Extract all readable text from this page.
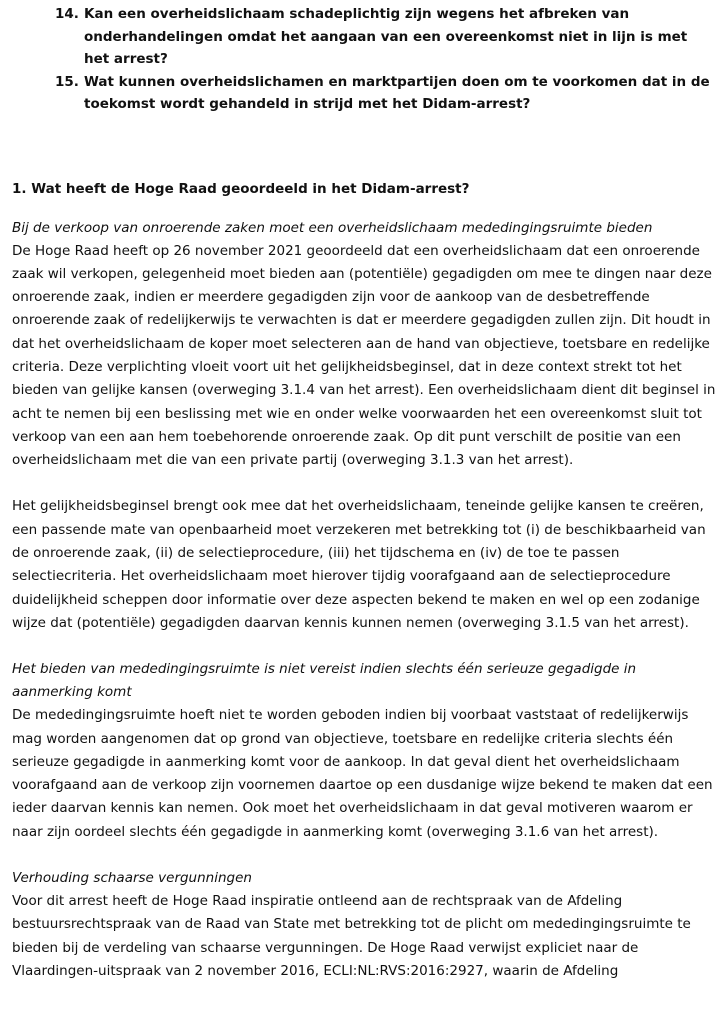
14. Kan een overheidslichaam schadeplichtig zijn wegens het afbreken van onderhandelingen omdat het aangaan van een overeenkomst niet in lijn is met het arrest?
15. Wat kunnen overheidslichamen en marktpartijen doen om te voorkomen dat in de toekomst wordt gehandeld in strijd met het Didam-arrest?
1. Wat heeft de Hoge Raad geoordeeld in het Didam-arrest?
Bij de verkoop van onroerende zaken moet een overheidslichaam mededingingsruimte bieden

De Hoge Raad heeft op 26 november 2021 geoordeeld dat een overheidslichaam dat een onroerende zaak wil verkopen, gelegenheid moet bieden aan (potentiële) gegadigden om mee te dingen naar deze onroerende zaak, indien er meerdere gegadigden zijn voor de aankoop van de desbetreffende onroerende zaak of redelijkerwijs te verwachten is dat er meerdere gegadigden zullen zijn. Dit houdt in dat het overheidslichaam de koper moet selecteren aan de hand van objectieve, toetsbare en redelijke criteria. Deze verplichting vloeit voort uit het gelijkheidsbeginsel, dat in deze context strekt tot het bieden van gelijke kansen (overweging 3.1.4 van het arrest). Een overheidslichaam dient dit beginsel in acht te nemen bij een beslissing met wie en onder welke voorwaarden het een overeenkomst sluit tot verkoop van een aan hem toebehorende onroerende zaak. Op dit punt verschilt de positie van een overheidslichaam met die van een private partij (overweging 3.1.3 van het arrest).

Het gelijkheidsbeginsel brengt ook mee dat het overheidslichaam, teneinde gelijke kansen te creëren, een passende mate van openbaarheid moet verzekeren met betrekking tot (i) de beschikbaarheid van de onroerende zaak, (ii) de selectieprocedure, (iii) het tijdschema en (iv) de toe te passen selectiecriteria. Het overheidslichaam moet hierover tijdig voorafgaand aan de selectieprocedure duidelijkheid scheppen door informatie over deze aspecten bekend te maken en wel op een zodanige wijze dat (potentiële) gegadigden daarvan kennis kunnen nemen (overweging 3.1.5 van het arrest).

Het bieden van mededingingsruimte is niet vereist indien slechts één serieuze gegadigde in aanmerking komt

De mededingingsruimte hoeft niet te worden geboden indien bij voorbaat vaststaat of redelijkerwijs mag worden aangenomen dat op grond van objectieve, toetsbare en redelijke criteria slechts één serieuze gegadigde in aanmerking komt voor de aankoop. In dat geval dient het overheidslichaam voorafgaand aan de verkoop zijn voornemen daartoe op een dusdanige wijze bekend te maken dat een ieder daarvan kennis kan nemen. Ook moet het overheidslichaam in dat geval motiveren waarom er naar zijn oordeel slechts één gegadigde in aanmerking komt (overweging 3.1.6 van het arrest).

Verhouding schaarse vergunningen

Voor dit arrest heeft de Hoge Raad inspiratie ontleend aan de rechtspraak van de Afdeling bestuursrechtspraak van de Raad van State met betrekking tot de plicht om mededingingsruimte te bieden bij de verdeling van schaarse vergunningen. De Hoge Raad verwijst expliciet naar de Vlaardingen-uitspraak van 2 november 2016, ECLI:NL:RVS:2016:2927, waarin de Afdeling
